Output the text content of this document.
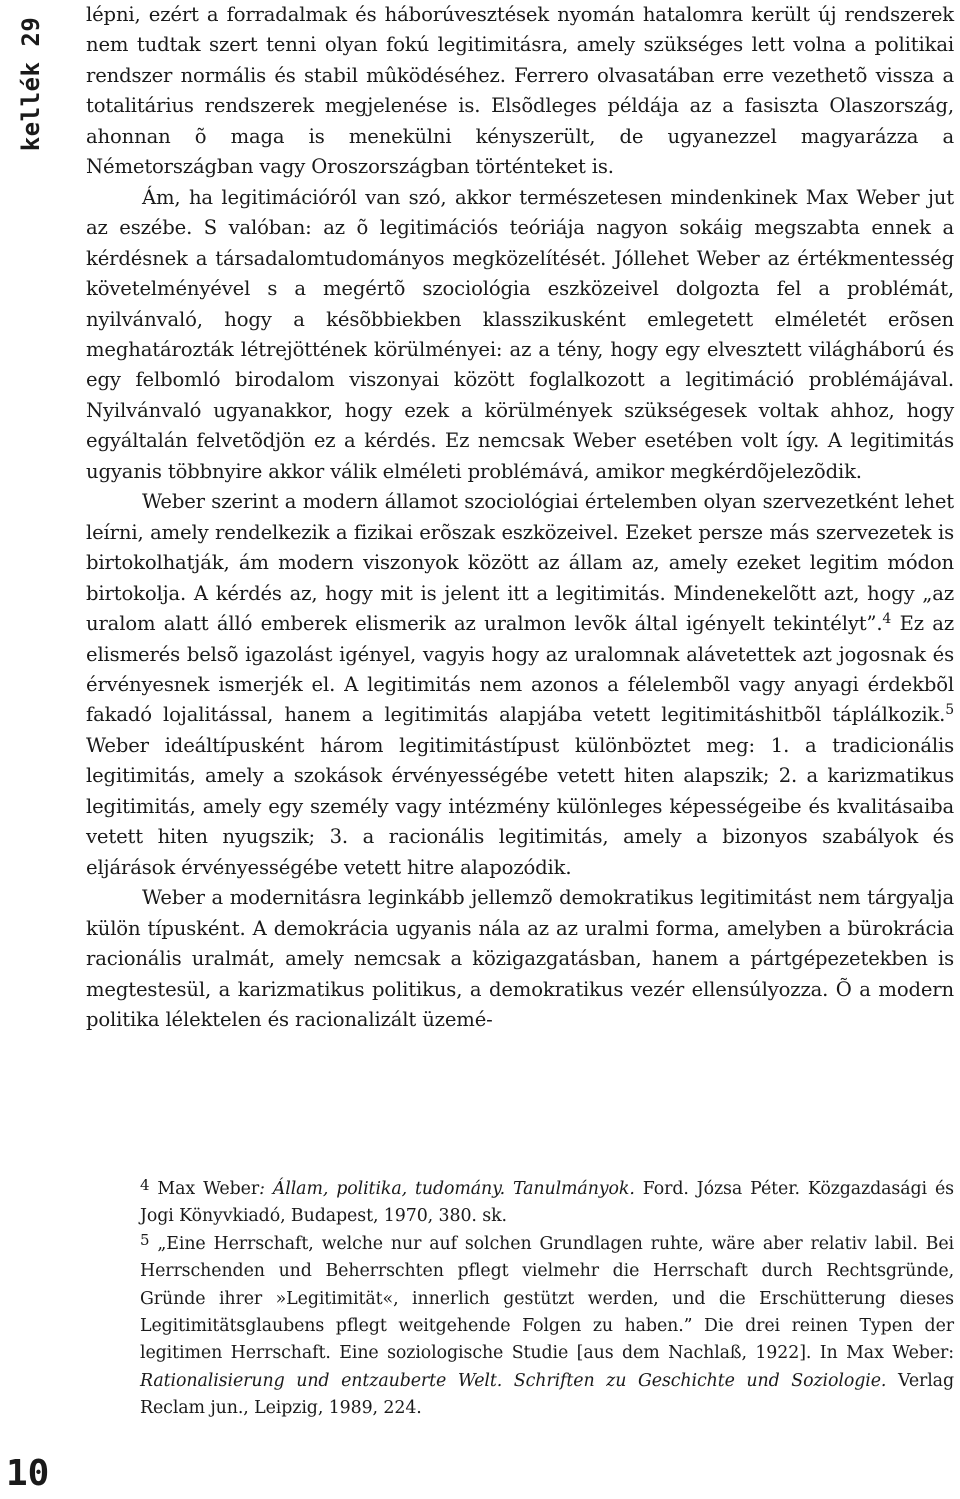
kellék 29

lépni, ezért a forradalmak és háborúvesztések nyomán hatalomra került új rendszerek nem tudtak szert tenni olyan fokú legitimitásra, amely szükséges lett volna a politikai rendszer normális és stabil mûködéséhez. Ferrero olvasatában erre vezethetõ vissza a totalitárius rendszerek megjelenése is. Elsõdleges példája az a fasiszta Olaszország, ahonnan õ maga is menekülni kényszerült, de ugyanezzel magyarázza a Németországban vagy Oroszországban történteket is.

Ám, ha legitimációról van szó, akkor természetesen mindenkinek Max Weber jut az eszébe. S valóban: az õ legitimációs teóriája nagyon sokáig megszabta ennek a kérdésnek a társadalomtudományos megközelítését. Jóllehet Weber az értékmentesség követelményével s a megértõ szociológia eszközeivel dolgozta fel a problémát, nyilvánvaló, hogy a késõbbiekben klasszikusként emlegetett elméletét erõsen meghatározták létrejöttének körülményei: az a tény, hogy egy elvesztett világháború és egy felbomló birodalom viszonyai között foglalkozott a legitimáció problémájával. Nyilvánvaló ugyanakkor, hogy ezek a körülmények szükségesek voltak ahhoz, hogy egyáltalán felvetõdjön ez a kérdés. Ez nemcsak Weber esetében volt így. A legitimitás ugyanis többnyire akkor válik elméleti problémává, amikor megkérdõjelezõdik.

Weber szerint a modern államot szociológiai értelemben olyan szervezetként lehet leírni, amely rendelkezik a fizikai erõszak eszközeivel. Ezeket persze más szervezetek is birtokolhatják, ám modern viszonyok között az állam az, amely ezeket legitim módon birtokolja. A kérdés az, hogy mit is jelent itt a legitimitás. Mindenekelõtt azt, hogy „az uralom alatt álló emberek elismerik az uralmon levõk által igényelt tekintélyt”.$^4$ Ez az elismerés belsõ igazolást igényel, vagyis hogy az uralomnak alávetettek azt jogosnak és érvényesnek ismerjék el. A legitimitás nem azonos a félelembõl vagy anyagi érdekbõl fakadó lojalitással, hanem a legitimitás alapjába vetett legitimitáshitbõl táplálkozik.$^5$ Weber ideáltípusként három legitimitástípust különböztet meg: 1. a tradicionális legitimitás, amely a szokások érvényességébe vetett hiten alapszik; 2. a karizmatikus legitimitás, amely egy személy vagy intézmény különleges képességeibe és kvalitásaiba vetett hiten nyugszik; 3. a racionális legitimitás, amely a bizonyos szabályok és eljárások érvényességébe vetett hitre alapozódik.

Weber a modernitásra leginkább jellemzõ demokratikus legitimitást nem tárgyalja külön típusként. A demokrácia ugyanis nála az az uralmi forma, amelyben a bürokrácia racionális uralmát, amely nemcsak a közigazgatásban, hanem a pártgépezetekben is megtestesül, a karizmatikus politikus, a demokratikus vezér ellensúlyozza. Õ a modern politika lélektelen és racionalizált üzemé-

4 Max Weber: Állam, politika, tudomány. Tanulmányok. Ford. Józsa Péter. Közgazdasági és Jogi Könyvkiadó, Budapest, 1970, 380. sk.

5 „Eine Herrschaft, welche nur auf solchen Grundlagen ruhte, wäre aber relativ labil. Bei Herrschenden und Beherrschten pflegt vielmehr die Herrschaft durch Rechtsgründe, Gründe ihrer »Legitimität«, innerlich gestützt werden, und die Erschütterung dieses Legitimitätsglaubens pflegt weitgehende Folgen zu haben.” Die drei reinen Typen der legitimen Herrschaft. Eine soziologische Studie [aus dem Nachlaß, 1922]. In Max Weber: Rationalisierung und entzauberte Welt. Schriften zu Geschichte und Soziologie. Verlag Reclam jun., Leipzig, 1989, 224.

10
